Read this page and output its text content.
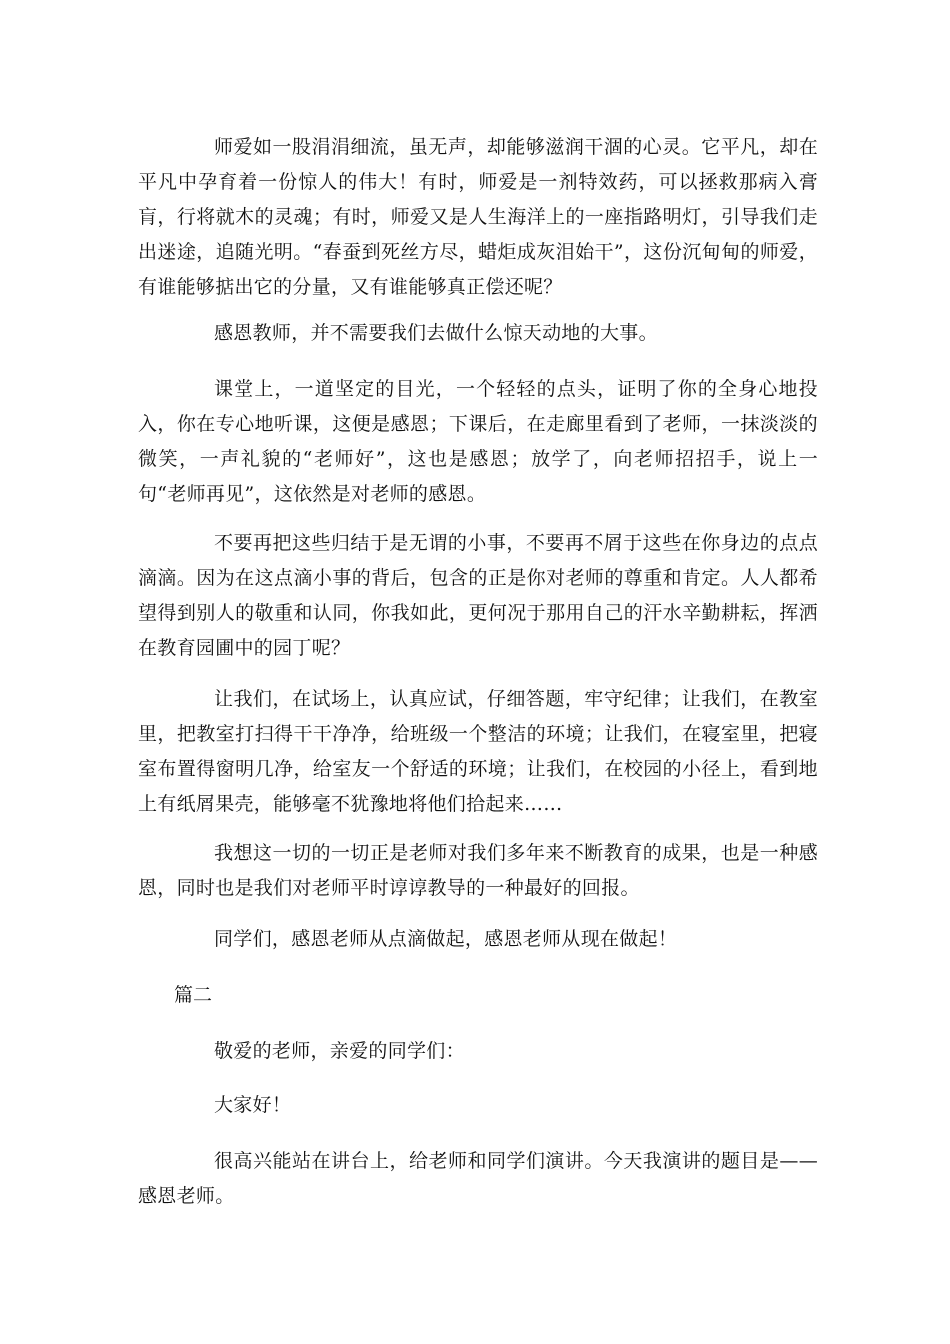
师爱如一股涓涓细流，虽无声，却能够滋润干涸的心灵。它平凡，却在平凡中孕育着一份惊人的伟大！有时，师爱是一剂特效药，可以拯救那病入膏肓，行将就木的灵魂；有时，师爱又是人生海洋上的一座指路明灯，引导我们走出迷途，追随光明。“春蚕到死丝方尽，蜡炬成灰泪始干”，这份沉甸甸的师爱，有谁能够掂出它的分量，又有谁能够真正偿还呢？

感恩教师，并不需要我们去做什么惊天动地的大事。

课堂上，一道坚定的目光，一个轻轻的点头，证明了你的全身心地投入，你在专心地听课，这便是感恩；下课后，在走廊里看到了老师，一抹淡淡的微笑，一声礼貌的“老师好”，这也是感恩；放学了，向老师招招手，说上一句“老师再见”，这依然是对老师的感恩。

不要再把这些归结于是无谓的小事，不要再不屑于这些在你身边的点点滴滴。因为在这点滴小事的背后，包含的正是你对老师的尊重和肯定。人人都希望得到别人的敬重和认同，你我如此，更何况于那用自己的汗水辛勤耕耘，挥洒在教育园圃中的园丁呢？

让我们，在试场上，认真应试，仔细答题，牢守纪律；让我们，在教室里，把教室打扫得干干净净，给班级一个整洁的环境；让我们，在寝室里，把寝室布置得窗明几净，给室友一个舒适的环境；让我们，在校园的小径上，看到地上有纸屑果壳，能够毫不犹豫地将他们拾起来……

我想这一切的一切正是老师对我们多年来不断教育的成果，也是一种感恩，同时也是我们对老师平时谆谆教导的一种最好的回报。

同学们，感恩老师从点滴做起，感恩老师从现在做起！

篇二

敬爱的老师，亲爱的同学们：

大家好！

很高兴能站在讲台上，给老师和同学们演讲。今天我演讲的题目是——感恩老师。
